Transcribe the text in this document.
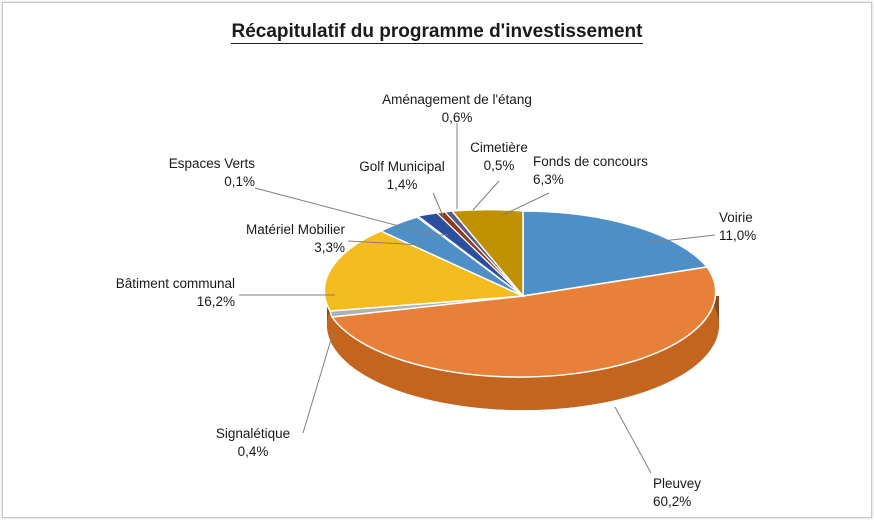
Récapitulatif du programme d'investissement
Aménagement de l'étang
0,6%
Espaces Verts
0,1%
Golf Municipal
1,4%
Cimetière
0,5%	Fonds de concours
6,3%
Matériel Mobilier
3,3%
Voirie
11,0%
Bâtiment communal
16,2%
Signalétique
0,4%
Pleuvey
60,2%
